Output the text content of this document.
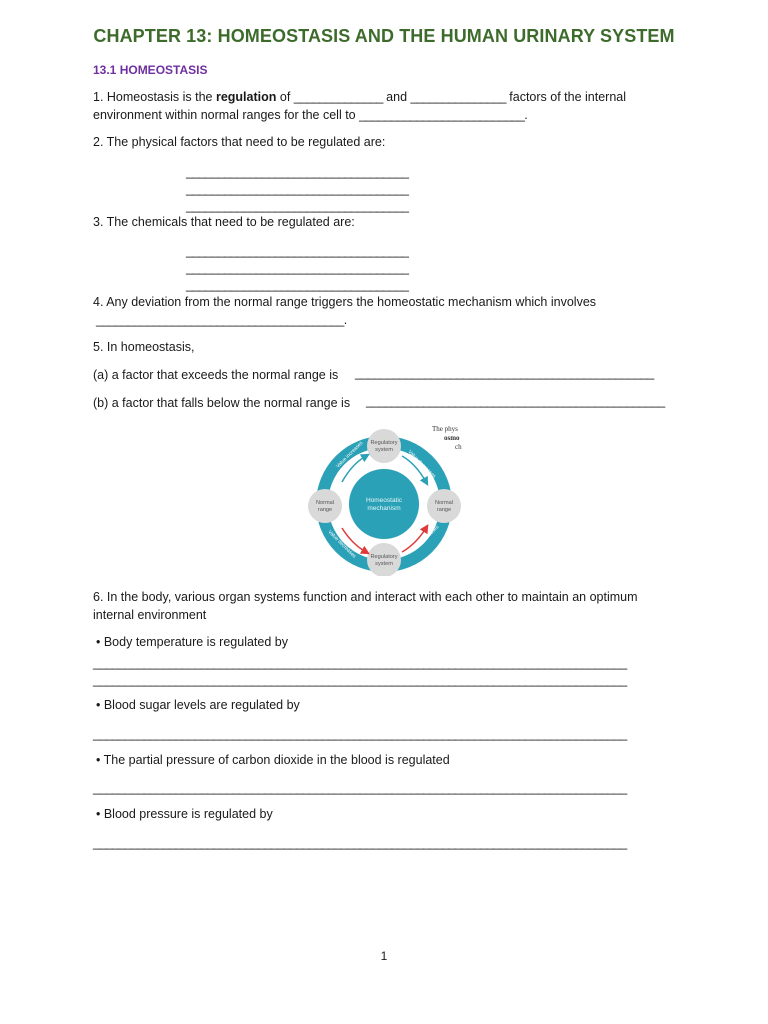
CHAPTER 13: HOMEOSTASIS AND THE HUMAN URINARY SYSTEM
13.1 HOMEOSTASIS
1. Homeostasis is the regulation of ______________ and _______________ factors of the internal
environment within normal ranges for the cell to __________________________.
2. The physical factors that need to be regulated are:
___________________________________
___________________________________
___________________________________
3. The chemicals that need to be regulated are:
___________________________________
___________________________________
___________________________________
4. Any deviation from the normal range triggers the homeostatic mechanism which involves
_______________________________________.
5. In homeostasis,
(a) a factor that exceeds the normal range is _______________________________________________
(b) a factor that falls below the normal range is _______________________________________________
Homeostatic mechanism
Regulatory system
Regulatory system
Normal range
Normal range
Value increases	Value decreases
Value decreases	Value increases
The phys
osmo
ch
6. In the body, various organ systems function and interact with each other to maintain an optimum
internal environment
• Body temperature is regulated by
____________________________________________________________________________________
____________________________________________________________________________________
• Blood sugar levels are regulated by
____________________________________________________________________________________
• The partial pressure of carbon dioxide in the blood is regulated
____________________________________________________________________________________
• Blood pressure is regulated by
____________________________________________________________________________________
1
